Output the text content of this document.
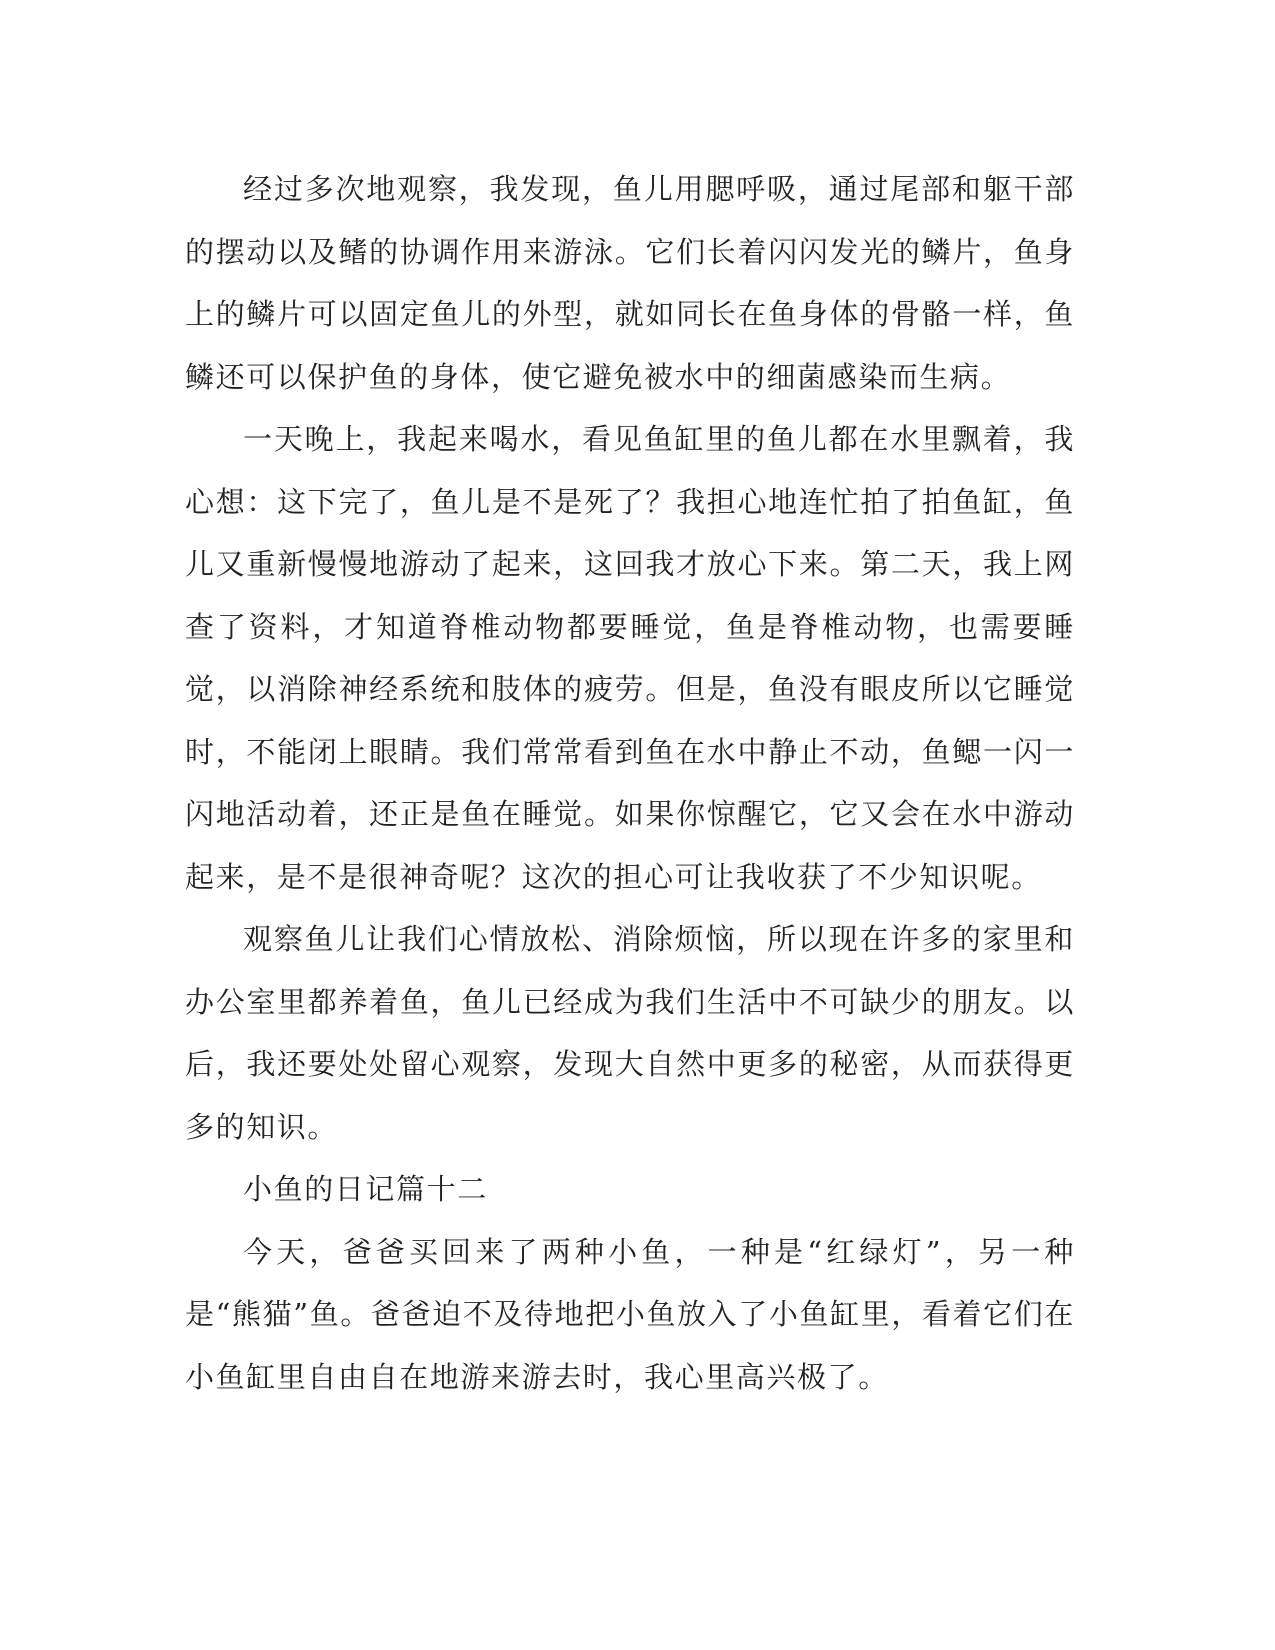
经过多次地观察，我发现，鱼儿用腮呼吸，通过尾部和躯干部的摆动以及鳍的协调作用来游泳。它们长着闪闪发光的鳞片，鱼身上的鳞片可以固定鱼儿的外型，就如同长在鱼身体的骨骼一样，鱼鳞还可以保护鱼的身体，使它避免被水中的细菌感染而生病。

一天晚上，我起来喝水，看见鱼缸里的鱼儿都在水里飘着，我心想：这下完了，鱼儿是不是死了？我担心地连忙拍了拍鱼缸，鱼儿又重新慢慢地游动了起来，这回我才放心下来。第二天，我上网查了资料，才知道脊椎动物都要睡觉，鱼是脊椎动物，也需要睡觉，以消除神经系统和肢体的疲劳。但是，鱼没有眼皮所以它睡觉时，不能闭上眼睛。我们常常看到鱼在水中静止不动，鱼鳃一闪一闪地活动着，还正是鱼在睡觉。如果你惊醒它，它又会在水中游动起来，是不是很神奇呢？这次的担心可让我收获了不少知识呢。

观察鱼儿让我们心情放松、消除烦恼，所以现在许多的家里和办公室里都养着鱼，鱼儿已经成为我们生活中不可缺少的朋友。以后，我还要处处留心观察，发现大自然中更多的秘密，从而获得更多的知识。

小鱼的日记篇十二

今天，爸爸买回来了两种小鱼，一种是“红绿灯”，另一种是“熊猫”鱼。爸爸迫不及待地把小鱼放入了小鱼缸里，看着它们在小鱼缸里自由自在地游来游去时，我心里高兴极了。
